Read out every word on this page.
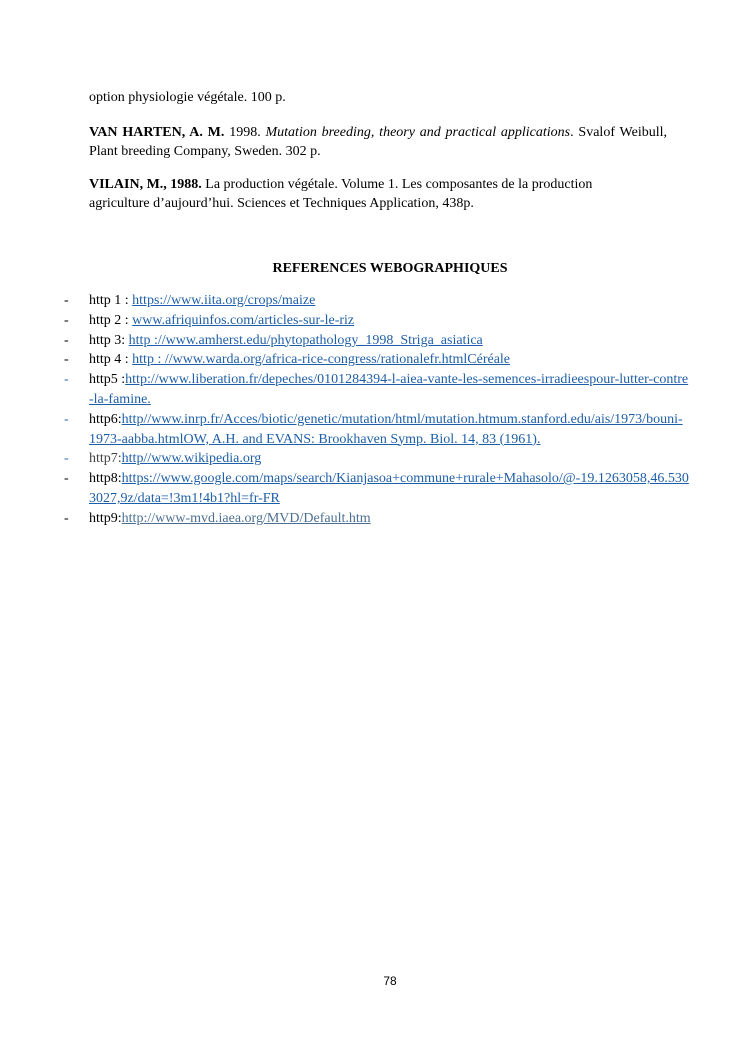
option physiologie végétale. 100 p.
VAN HARTEN, A. M. 1998. Mutation breeding, theory and practical applications. Svalof Weibull, Plant breeding Company, Sweden. 302 p.
VILAIN, M., 1988. La production végétale. Volume 1. Les composantes de la production agriculture d’aujourd’hui. Sciences et Techniques Application, 438p.
REFERENCES WEBOGRAPHIQUES
- http 1 : https://www.iita.org/crops/maize
- http 2 : www.afriquinfos.com/articles-sur-le-riz
- http 3: http ://www.amherst.edu/phytopathology_1998_Striga_asiatica
- http 4 : http : //www.warda.org/africa-rice-congress/rationalefr.htmlCéréale
- http5 :http://www.liberation.fr/depeches/0101284394-l-aiea-vante-les-semences-irradieespour-lutter-contre-la-famine.
- http6:http//www.inrp.fr/Acces/biotic/genetic/mutation/html/mutation.htmum.stanford.edu/ais/1973/bouni-1973-aabba.htmlOW, A.H. and EVANS: Brookhaven Symp. Biol. 14, 83 (1961).
- http7:http//www.wikipedia.org
- http8:https://www.google.com/maps/search/Kianjasoa+commune+rurale+Mahasolo/@-19.1263058,46.5303027,9z/data=!3m1!4b1?hl=fr-FR
- http9:http://www-mvd.iaea.org/MVD/Default.htm
78
